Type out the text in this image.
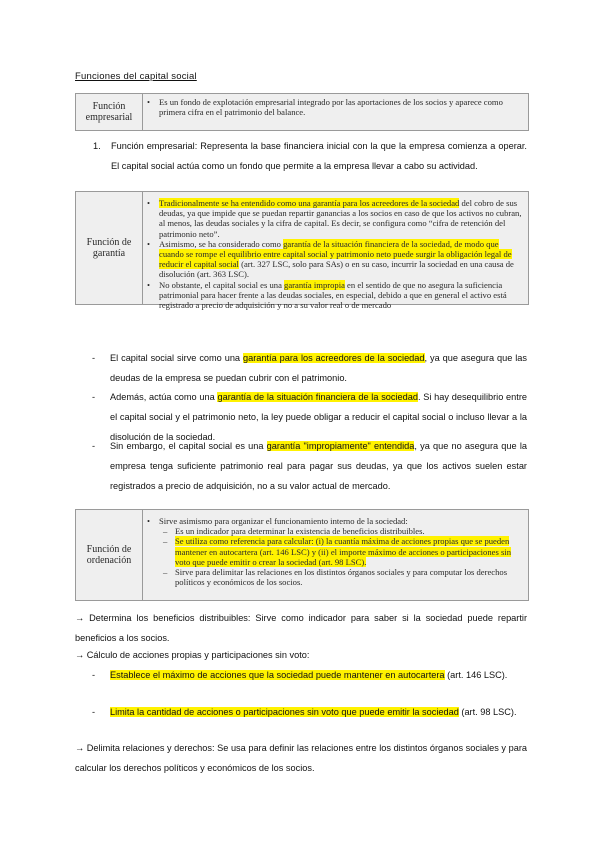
Funciones del capital social
Función
empresarial
• Es un fondo de explotación empresarial integrado por las aportaciones de los socios y aparece como primera cifra en el patrimonio del balance.
1. Función empresarial: Representa la base financiera inicial con la que la empresa comienza a operar. El capital social actúa como un fondo que permite a la empresa llevar a cabo su actividad.
Función de
garantía
• Tradicionalmente se ha entendido como una garantía para los acreedores de la sociedad del cobro de sus deudas, ya que impide que se puedan repartir ganancias a los socios en caso de que los activos no cubran, al menos, las deudas sociales y la cifra de capital. Es decir, se configura como “cifra de retención del patrimonio neto”.
• Asimismo, se ha considerado como garantía de la situación financiera de la sociedad, de modo que cuando se rompe el equilibrio entre capital social y patrimonio neto puede surgir la obligación legal de reducir el capital social (art. 327 LSC, solo para SAs) o en su caso, incurrir la sociedad en una causa de disolución (art. 363 LSC).
• No obstante, el capital social es una garantía impropia en el sentido de que no asegura la suficiencia patrimonial para hacer frente a las deudas sociales, en especial, debido a que en general el activo está registrado a precio de adquisición y no a su valor real o de mercado
- El capital social sirve como una garantía para los acreedores de la sociedad, ya que asegura que las deudas de la empresa se puedan cubrir con el patrimonio.
- Además, actúa como una garantía de la situación financiera de la sociedad. Si hay desequilibrio entre el capital social y el patrimonio neto, la ley puede obligar a reducir el capital social o incluso llevar a la disolución de la sociedad.
- Sin embargo, el capital social es una garantía "impropiamente" entendida, ya que no asegura que la empresa tenga suficiente patrimonio real para pagar sus deudas, ya que los activos suelen estar registrados a precio de adquisición, no a su valor actual de mercado.
Función de
ordenación
• Sirve asimismo para organizar el funcionamiento interno de la sociedad:
– Es un indicador para determinar la existencia de beneficios distribuibles.
– Se utiliza como referencia para calcular: (i) la cuantía máxima de acciones propias que se pueden mantener en autocartera (art. 146 LSC) y (ii) el importe máximo de acciones o participaciones sin voto que puede emitir o crear la sociedad (art. 98 LSC).
– Sirve para delimitar las relaciones en los distintos órganos sociales y para computar los derechos políticos y económicos de los socios.
→ Determina los beneficios distribuibles: Sirve como indicador para saber si la sociedad puede repartir beneficios a los socios.
→ Cálculo de acciones propias y participaciones sin voto:
- Establece el máximo de acciones que la sociedad puede mantener en autocartera (art. 146 LSC).
- Limita la cantidad de acciones o participaciones sin voto que puede emitir la sociedad (art. 98 LSC).
→ Delimita relaciones y derechos: Se usa para definir las relaciones entre los distintos órganos sociales y para calcular los derechos políticos y económicos de los socios.
